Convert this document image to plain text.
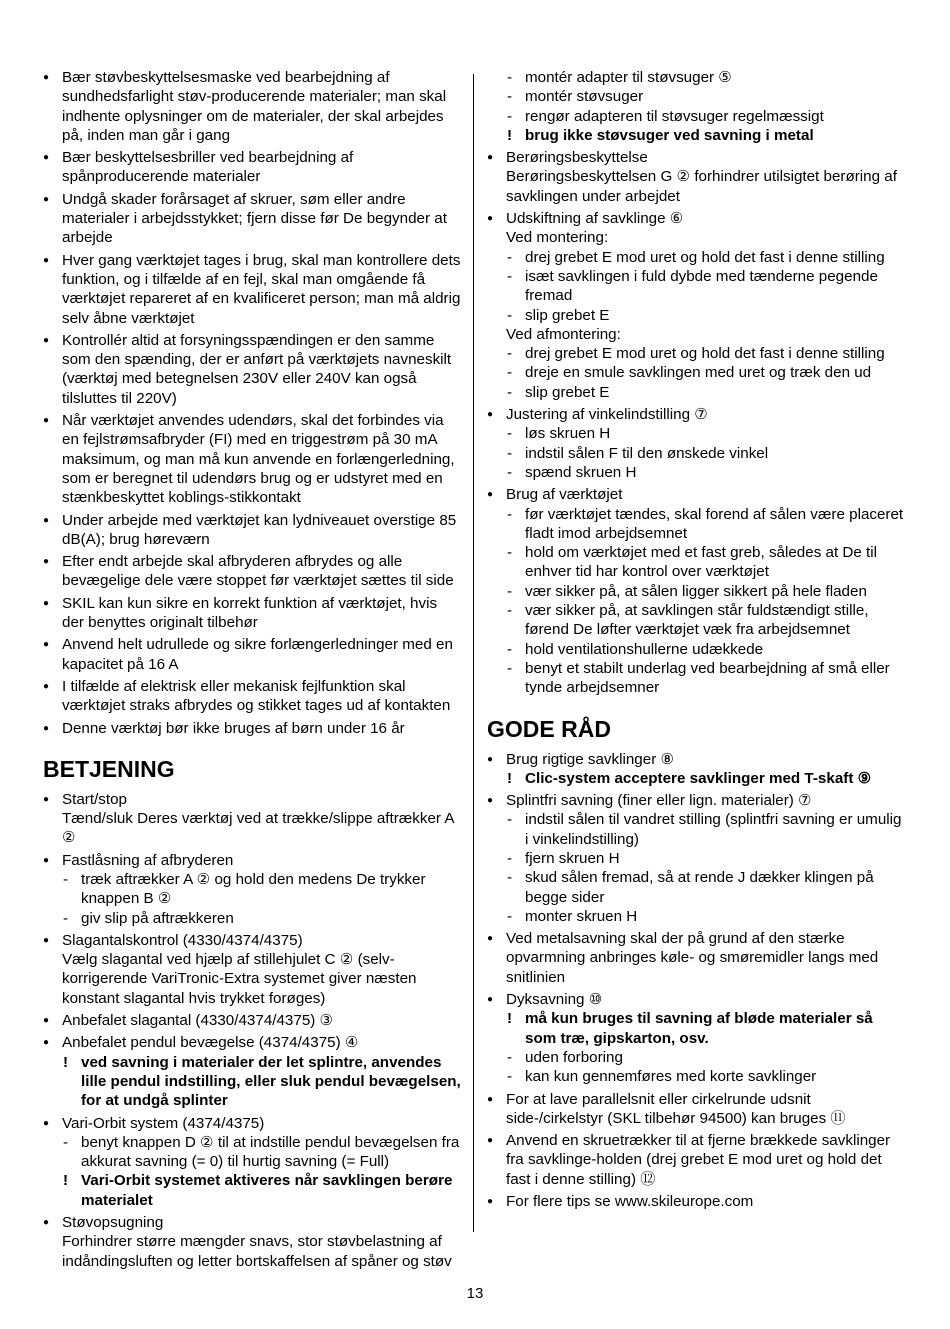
● Bær støvbeskyttelsesmaske ved bearbejdning af sundhedsfarlight støv-producerende materialer; man skal indhente oplysninger om de materialer, der skal arbejdes på, inden man går i gang
● Bær beskyttelsesbriller ved bearbejdning af spånproducerende materialer
● Undgå skader forårsaget af skruer, søm eller andre materialer i arbejdsstykket; fjern disse før De begynder at arbejde
● Hver gang værktøjet tages i brug, skal man kontrollere dets funktion, og i tilfælde af en fejl, skal man omgående få værktøjet repareret af en kvalificeret person; man må aldrig selv åbne værktøjet
● Kontrollér altid at forsyningsspændingen er den samme som den spænding, der er anført på værktøjets navneskilt (værktøj med betegnelsen 230V eller 240V kan også tilsluttes til 220V)
● Når værktøjet anvendes udendørs, skal det forbindes via en fejlstrømsafbryder (FI) med en triggestrøm på 30 mA maksimum, og man må kun anvende en forlængerledning, som er beregnet til udendørs brug og er udstyret med en stænkbeskyttet koblings-stikkontakt
● Under arbejde med værktøjet kan lydniveauet overstige 85 dB(A); brug høreværn
● Efter endt arbejde skal afbryderen afbrydes og alle bevægelige dele være stoppet før værktøjet sættes til side
● SKIL kan kun sikre en korrekt funktion af værktøjet, hvis der benyttes originalt tilbehør
● Anvend helt udrullede og sikre forlængerledninger med en kapacitet på 16 A
● I tilfælde af elektrisk eller mekanisk fejlfunktion skal værktøjet straks afbrydes og stikket tages ud af kontakten
● Denne værktøj bør ikke bruges af børn under 16 år
BETJENING
● Start/stop
Tænd/sluk Deres værktøj ved at trække/slippe aftrækker A ②
● Fastlåsning af afbryderen
- træk aftrækker A ② og hold den medens De trykker knappen B ②
- giv slip på aftrækkeren
● Slagantalskontrol (4330/4374/4375)
Vælg slagantal ved hjælp af stillehjulet C ② (selv-korrigerende VariTronic-Extra systemet giver næsten konstant slagantal hvis trykket forøges)
● Anbefalet slagantal (4330/4374/4375) ③
● Anbefalet pendul bevægelse (4374/4375) ④
! ved savning i materialer der let splintre, anvendes lille pendul indstilling, eller sluk pendul bevægelsen, for at undgå splinter
● Vari-Orbit system (4374/4375)
- benyt knappen D ② til at indstille pendul bevægelsen fra akkurat savning (= 0) til hurtig savning (= Full)
! Vari-Orbit systemet aktiveres når savklingen berøre materialet
● Støvopsugning
Forhindrer større mængder snavs, stor støvbelastning af indåndingsluften og letter bortskaffelsen af spåner og støv
- montér adapter til støvsuger ⑤
- montér støvsuger
- rengør adapteren til støvsuger regelmæssigt
! brug ikke støvsuger ved savning i metal
● Berøringsbeskyttelse
Berøringsbeskyttelsen G ② forhindrer utilsigtet berøring af savklingen under arbejdet
● Udskiftning af savklinge ⑥
Ved montering:
- drej grebet E mod uret og hold det fast i denne stilling
- isæt savklingen i fuld dybde med tænderne pegende fremad
- slip grebet E
Ved afmontering:
- drej grebet E mod uret og hold det fast i denne stilling
- dreje en smule savklingen med uret og træk den ud
- slip grebet E
● Justering af vinkelindstilling ⑦
- løs skruen H
- indstil sålen F til den ønskede vinkel
- spænd skruen H
● Brug af værktøjet
- før værktøjet tændes, skal forend af sålen være placeret fladt imod arbejdsemnet
- hold om værktøjet med et fast greb, således at De til enhver tid har kontrol over værktøjet
- vær sikker på, at sålen ligger sikkert på hele fladen
- vær sikker på, at savklingen står fuldstændigt stille, førend De løfter værktøjet væk fra arbejdsemnet
- hold ventilationshullerne udækkede
- benyt et stabilt underlag ved bearbejdning af små eller tynde arbejdsemner
GODE RÅD
● Brug rigtige savklinger ⑧
! Clic-system acceptere savklinger med T-skaft ⑨
● Splintfri savning (finer eller lign. materialer) ⑦
- indstil sålen til vandret stilling (splintfri savning er umulig i vinkelindstilling)
- fjern skruen H
- skud sålen fremad, så at rende J dækker klingen på begge sider
- monter skruen H
● Ved metalsavning skal der på grund af den stærke opvarmning anbringes køle- og smøremidler langs med snitlinien
● Dyksavning ⑩
! må kun bruges til savning af bløde materialer så som træ, gipskarton, osv.
- uden forboring
- kan kun gennemføres med korte savklinger
● For at lave parallelsnit eller cirkelrunde udsnit side-/cirkelstyr (SKL tilbehør 94500) kan bruges ⑪
● Anvend en skruetrækker til at fjerne brækkede savklinger fra savklinge-holden (drej grebet E mod uret og hold det fast i denne stilling) ⑫
● For flere tips se www.skileurope.com
13
